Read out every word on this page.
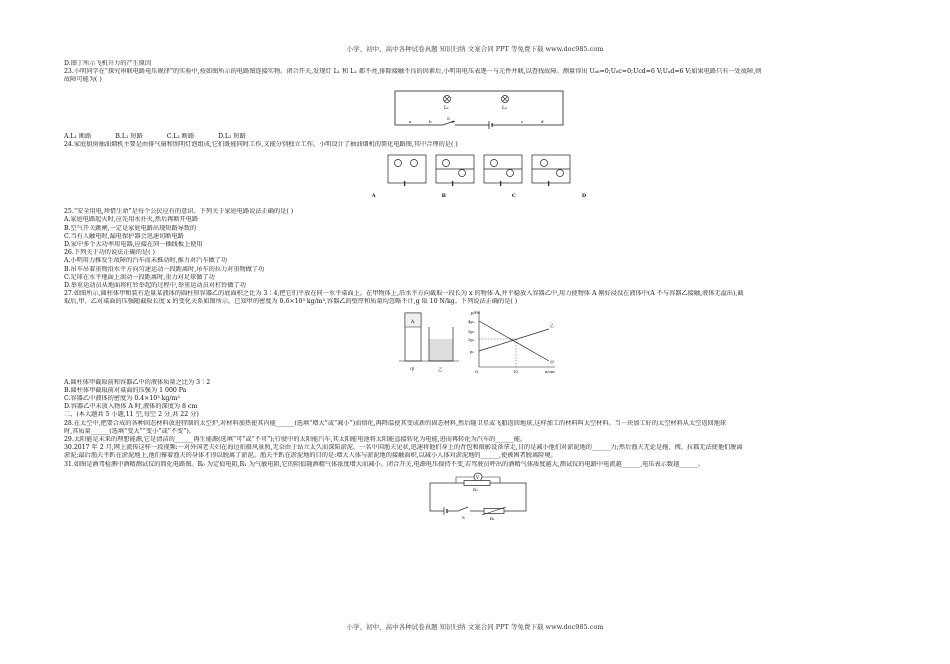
小学、初中、高中各种试卷真题 知识归纳 文案合同 PPT 等免费下载 www.doc985.com
D.图丁所示飞机升力的产生原因
23.小明同学在“探究串联电路电压规律”的实验中,按如图所示的电路图连接实物。闭合开关,发现灯 L₁ 和 L₂ 都不亮,排除接触不良的因素后,小明用电压表逐一与元件并联,以查找故障。测量得出 Uₐ₆=0;U₆c=0;Ucd=6 V;Uₐd=6 V;如果电路只有一处故障,则
故障可能为( )
L₁	L₂
S
a	b	c	d
A.L₁ 断路	B.L₁ 短路	C.L₂ 断路	D.L₂ 短路
24.家庭厨房抽油烟机主要是由排气扇和照明灯泡组成,它们既能同时工作,又能分别独立工作。小明设计了抽油烟机的简化电路图,其中合理的是( )
A	B	C	D
25.“安全用电,珍惜生命”是每个公民应有的意识。下列关于家庭电路说法正确的是( )
A.家庭电路起火时,应先用水扑灭,然后再断开电路
B.空气开关跳闸,一定是家庭电路出现短路导致的
C.当有人触电时,漏电保护器会迅速切断电路
D.家中多个大功率用电器,应接在同一插线板上使用
26.下列关于功的说法正确的是( )
A.小明用力推发生故障的汽车而未推动时,推力对汽车做了功
B.吊车吊着重物沿水平方向匀速运动一段距离时,吊车的拉力对重物做了功
C.足球在水平地面上滚动一段距离时,重力对足球做了功
D.举重运动员从地面将杠铃举起的过程中,举重运动员对杠铃做了功
27.如图所示,圆柱体甲和装有适量某液体的圆柱形容器乙的底面积之比为 3∶4,把它们平放在同一水平桌面上。在甲物体上,沿水平方向截取一段长为 x 的物体 A,并平稳放入容器乙中,用力使物体 A 刚好浸没在液体中(A 不与容器乙接触,液体无溢出),截
取后,甲、乙对桌面的压强随截取长度 x 的变化关系如图所示。已知甲的密度为 0.6×10³ kg/m³,容器乙的壁厚和质量均忽略不计,g 取 10 N/kg。下列说法正确的是( )
A
甲	乙
p/Pa
x/cm
O
4p₀
3p₀
2p₀
p₀
10
乙
甲
A.圆柱体甲截取前和容器乙中的液体质量之比为 3∶2
B.圆柱体甲截取前对桌面的压强为 1 000 Pa
C.容器乙中液体的密度为 0.4×10³ kg/m³
D.容器乙中未放入物体 A 时,液体的深度为 8 cm
二、(本大题共 5 小题,11 空,每空 2 分,共 22 分)
28.在太空中,把要合成的各种固态材料放进特制的太空炉,对材料加热使其内能______(选填“增大”或“减小”)而熔化,再降温使其变成新的固态材料,然后随卫星或飞船返回地球,这样加工的材料叫太空材料。当一块加工好的太空材料从太空返回地球
时,其质量______(选填“变大”“变小”或“不变”)。
29.太阳能是未来的理想能源,它是清洁的______再生能源(选填“可”或“不可”);行驶中的太阳能汽车,其太阳能电池将太阳能直接转化为电能,进而再转化为汽车的______能。
30.2017 年 2 月,网上流传这样一段视频:一对外国老夫妇在海边拍摄风景照,无奈由于站立太久而深陷淤泥。一名中国渔夫见状,迅速将他们身上的背包和摄影设备拿走,目的是减小他们对淤泥地的______力;然后渔夫无论是拖、拽、拉都无法使他们脱离
淤泥;最后渔夫平趴在淤泥地上,他们撑着渔夫的身体才得以脱离了淤泥。渔夫平趴在淤泥地的目的是:增大人体与淤泥地的接触面积,以减小人体对淤泥地的______,使被困者脱离险境。
31.如图是酒驾检测中酒精测试仪的简化电路图。R₀ 为定值电阻,R₁ 为气敏电阻,它的阻值随酒精气体浓度增大而减小。闭合开关,电源电压保持不变,若驾驶员呼出的酒精气体浓度越大,测试仪的电路中电流越______,电压表示数越______。
V
R₀
R₁
S
小学、初中、高中各种试卷真题 知识归纳 文案合同 PPT 等免费下载 www.doc985.com
